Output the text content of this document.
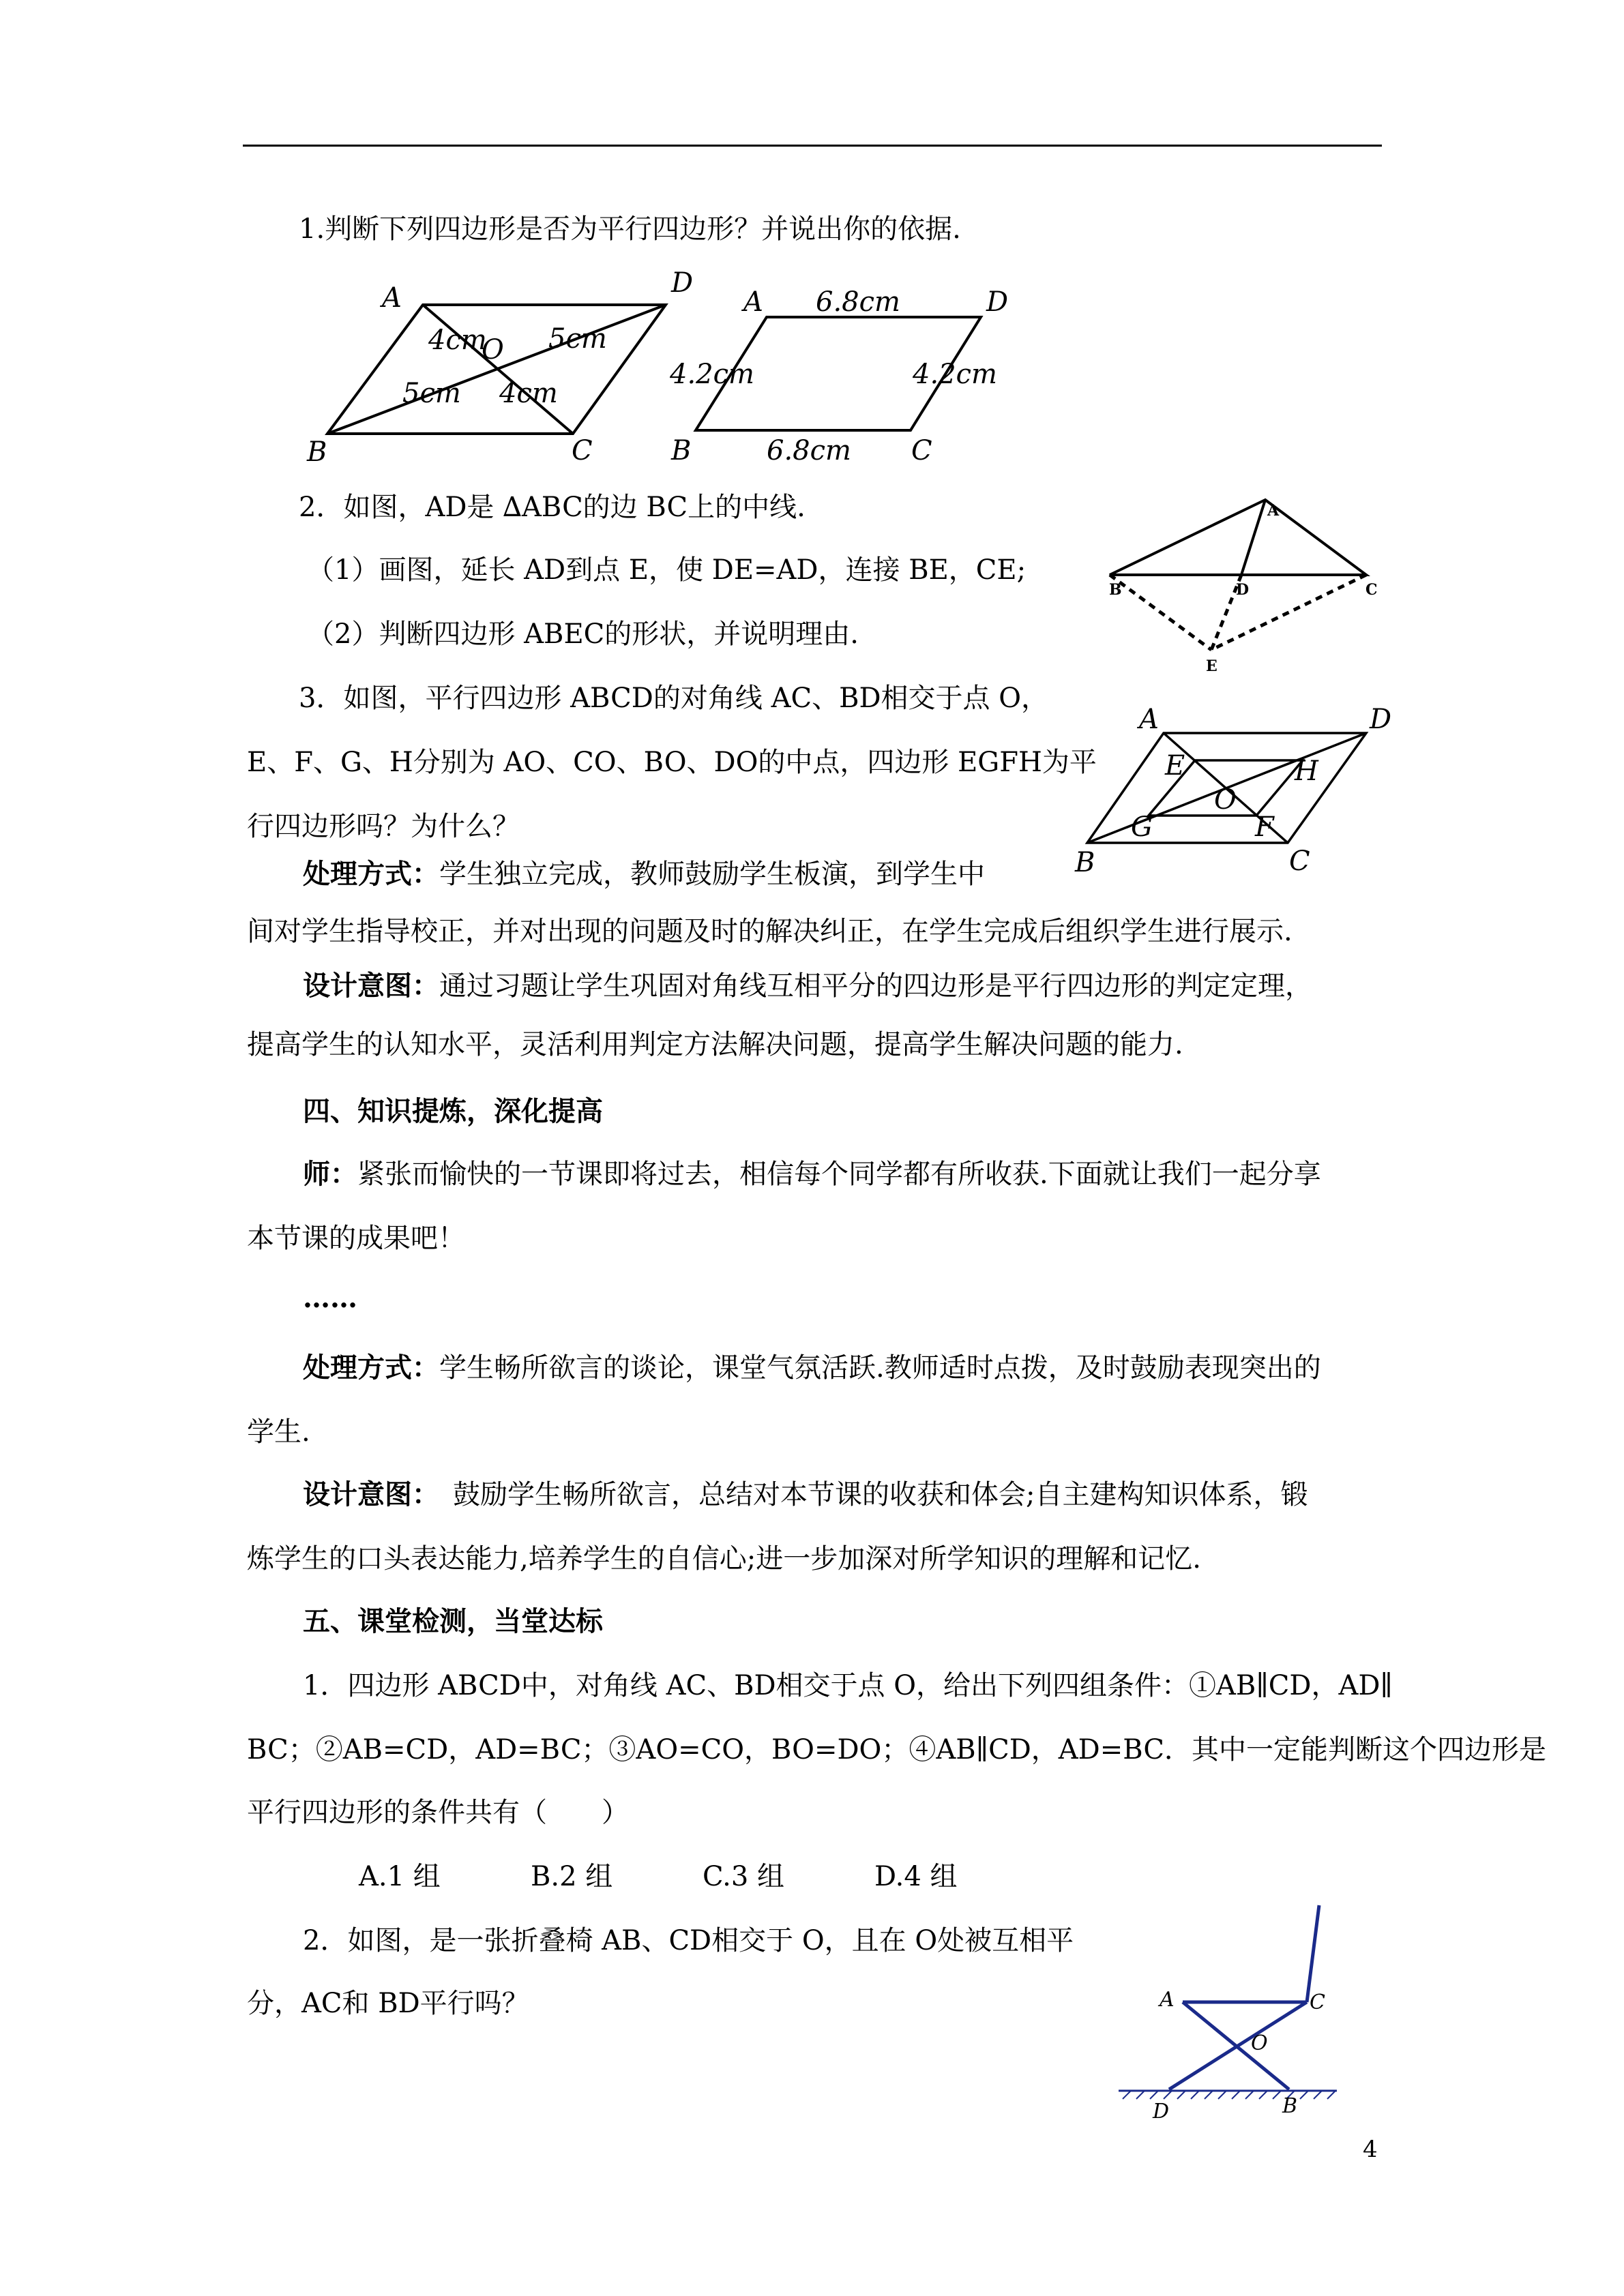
1.判断下列四边形是否为平行四边形？并说出你的依据.
A	D
B	C
O
4cm 5cm
5cm 4cm
A	D
B	C
6.8cm
6.8cm
4.2cm	4.2cm
A
B	D	C
E
A	D
B	C
E	H
O
G	F
A	C
O
D	B
2．如图，AD是 ∆ABC的边 BC上的中线.
（1）画图，延长 AD到点 E，使 DE=AD，连接 BE，CE;
（2）判断四边形 ABEC的形状，并说明理由.
3．如图，平行四边形 ABCD的对角线 AC、BD相交于点 O，
E、F、G、H分别为 AO、CO、BO、DO的中点，四边形 EGFH为平
行四边形吗？为什么？
处理方式：学生独立完成，教师鼓励学生板演，到学生中
间对学生指导校正，并对出现的问题及时的解决纠正，在学生完成后组织学生进行展示.
设计意图：通过习题让学生巩固对角线互相平分的四边形是平行四边形的判定定理，
提高学生的认知水平，灵活利用判定方法解决问题，提高学生解决问题的能力.
四、知识提炼，深化提高
师：紧张而愉快的一节课即将过去，相信每个同学都有所收获.下面就让我们一起分享
本节课的成果吧！
……
处理方式：学生畅所欲言的谈论，课堂气氛活跃.教师适时点拨，及时鼓励表现突出的
学生.
设计意图：　鼓励学生畅所欲言，总结对本节课的收获和体会;自主建构知识体系，锻
炼学生的口头表达能力,培养学生的自信心;进一步加深对所学知识的理解和记忆.
五、课堂检测，当堂达标
1．四边形 ABCD中，对角线 AC、BD相交于点 O，给出下列四组条件：①AB∥CD，AD∥
BC；②AB=CD，AD=BC；③AO=CO，BO=DO；④AB∥CD，AD=BC．其中一定能判断这个四边形是
平行四边形的条件共有（　　）
A.1 组	B.2 组	C.3 组	D.4 组
2．如图，是一张折叠椅 AB、CD相交于 O，且在 O处被互相平
分，AC和 BD平行吗？
4
